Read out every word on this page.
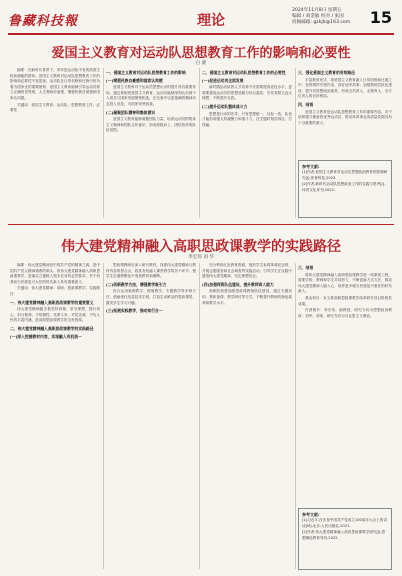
鲁藏科技報	理论
2024年11月8日 星期五
编辑 / 刘金敏 校对 / 张国
投稿邮箱: gzkjb@163.com 15
爱国主义教育对运动队思想教育工作的影响和必要性
白 鹿

摘要：在新时代背景下，青年是运动队中有着高度生机和潜能的群体。爱国主义教育对运动队思想教育工作的影响和必要性不容忽视。运动队在日常训练和比赛中担负着为国争光的重要使命，爱国主义教育能够引导运动员树立正确的世界观、人生观和价值观，增强民族自豪感和国家认同感。

关键词：爱国主义教育；运动队；思想教育工作；必要性

一、爱国主义教育对运动队思想教育工作的影响

(一)增强民族自豪感和国家认同感

爱国主义教育对于运动员思想认识的提升具有重要作用。通过系统的爱国主义教育，运动员能够深刻认识到个人成长与国家发展紧密相连，在比赛中以更饱满的精神状态投入竞技，为国家荣誉而战。

(二)凝聚团队精神和集体意识

爱国主义教育能够凝聚团队力量，培养运动员的集体主义精神和团队合作意识，形成积极向上、团结协作的队伍氛围。

二、爱国主义教育对运动队思想教育工作的必要性

(一)促进运动员全面发展

新时期运动队的人才培养不仅需要提高竞技水平，更需要重视运动员的思想品德与综合素质，引导其树立远大理想，不断提升自我。

(二)提升运动队整体战斗力

思想是行动的先导，只有思想统一、目标一致，队伍才能形成强大的凝聚力和战斗力，在关键时刻顶得住、打得赢。

三、强化爱国主义教育的有效路径

丰富教育形式，将爱国主义教育融入日常训练和比赛之中；发挥榜样引领作用，讲好冠军故事；加强教练员队伍建设，提升其思想政治素养，形成全员育人、全程育人、全方位育人的良好格局。

四、结语

爱国主义教育是运动队思想教育工作的重要内容，对于培养德才兼备的优秀运动员、推动体育事业高质量发展具有十分重要的意义。

参考文献:
[1]作者.爱国主义教育对运动员思想政治教育的影响研究[J].体育科技,2023.
[2]作者.新时代运动队思想政治工作的实践与思考[J].体育文化导刊,2022.
伟大建党精神融入高职思政课教学的实践路径
李宏伟 刘 华

摘要：伟大建党精神是中国共产党的精神之源，是中国共产党人精神谱系的源头。将伟大建党精神融入高职思政课教学，是落实立德树人根本任务的必然要求，对于培养担当民族复兴大任的时代新人具有重要意义。

关键词：伟大建党精神；高职；思政课教学；实践路径

一、伟大建党精神融入高职思政课教学的重要意义

伟大建党精神蕴含着坚持真理、坚守理想，践行初心、担当使命，不怕牺牲、英勇斗争，对党忠诚、不负人民的丰富内涵，是高职思政课教学的宝贵资源。

二、伟大建党精神融入高职思政课教学的实践路径

(一)深入挖掘教材内容，实现融入有机统一

思政课教师应深入研究教材，找准伟大建党精神与教材内容的契合点，将其有机融入课堂教学的各个环节，使学生在潜移默化中受到教育和熏陶。

(二)创新教学方法，增强教学吸引力

综合运用案例教学、情境教学、专题教学等多种方法，借助现代信息技术手段，打造生动鲜活的思政课堂，激发学生学习兴趣。

(三)拓展实践教学，推动知行合一

充分利用红色教育资源，组织学生参观革命纪念馆、开展志愿服务和社会调查等实践活动，引导学生在实践中感悟伟大建党精神，坚定理想信念。

(四)加强师资队伍建设，提升教师育人能力

高职院校要加强思政课教师队伍建设，通过专题培训、集体备课、教学研讨等方式，不断提升教师的理论素养和教学水平。

三、结语

将伟大建党精神融入高职思政课教学是一项系统工程，需要学校、教师和学生共同努力，不断创新方式方法，推动伟大建党精神入脑入心，培养更多堪当民族复兴重任的时代新人。

基金项目：本文系高职思政课教学改革研究项目阶段性成果。

作者简介：李宏伟，副教授，研究方向为思想政治教育；刘华，讲师，研究方向为马克思主义理论。

参考文献:
[1]习近平.在庆祝中国共产党成立100周年大会上的讲话[M].北京:人民出版社,2021.
[2]作者.伟大建党精神融入高校思政课教学研究[J].思想理论教育导刊,2022.
